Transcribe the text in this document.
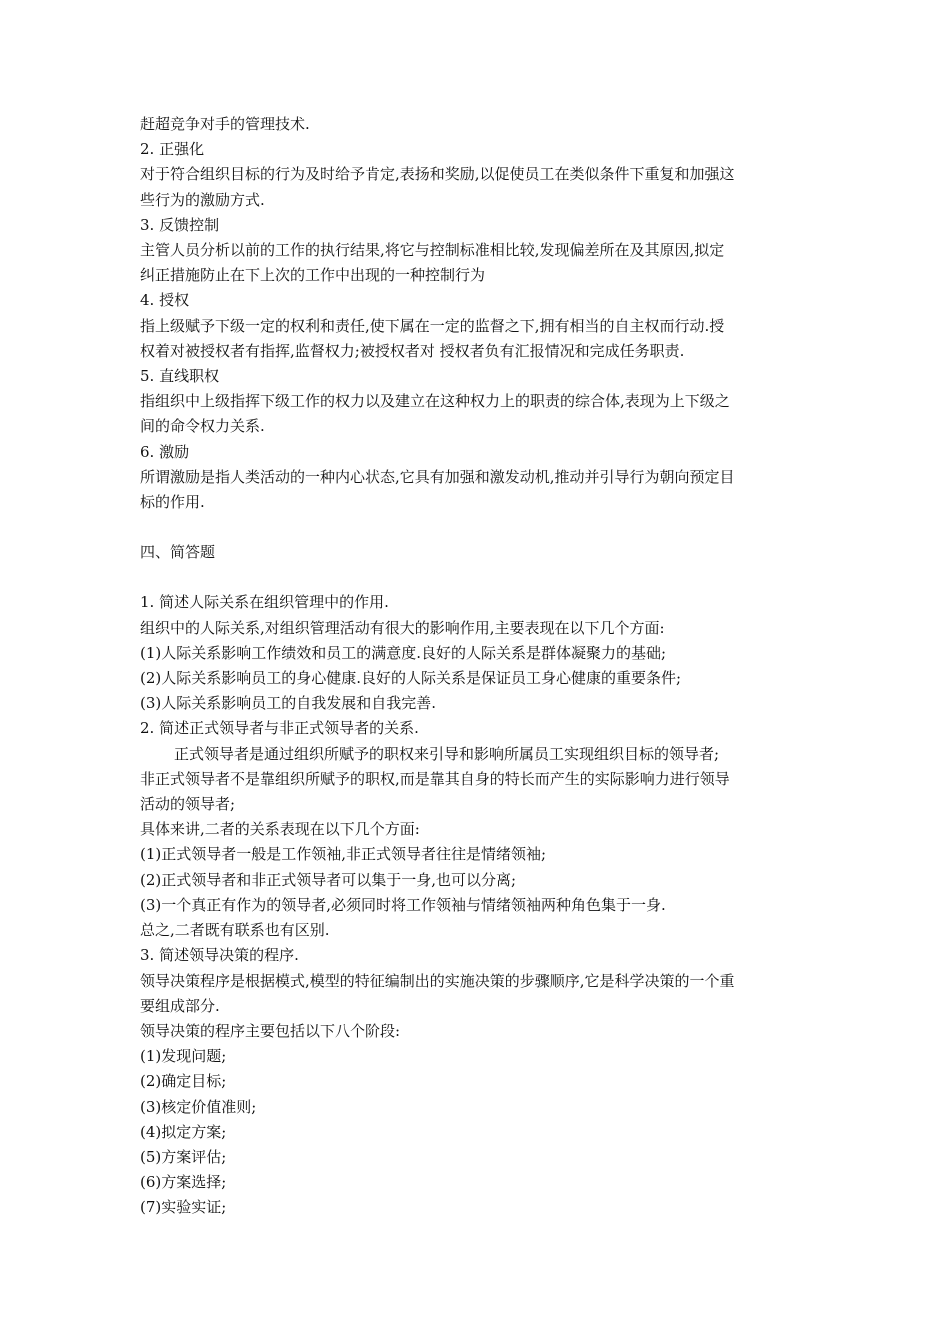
赶超竞争对手的管理技术.
2. 正强化
对于符合组织目标的行为及时给予肯定,表扬和奖励,以促使员工在类似条件下重复和加强这
些行为的激励方式.
3. 反馈控制
主管人员分析以前的工作的执行结果,将它与控制标准相比较,发现偏差所在及其原因,拟定
纠正措施防止在下上次的工作中出现的一种控制行为
4. 授权
指上级赋予下级一定的权利和责任,使下属在一定的监督之下,拥有相当的自主权而行动.授
权着对被授权者有指挥,监督权力;被授权者对 授权者负有汇报情况和完成任务职责.
5. 直线职权
指组织中上级指挥下级工作的权力以及建立在这种权力上的职责的综合体,表现为上下级之
间的命令权力关系.
6. 激励
所谓激励是指人类活动的一种内心状态,它具有加强和激发动机,推动并引导行为朝向预定目
标的作用.
四、简答题
1. 简述人际关系在组织管理中的作用.
组织中的人际关系,对组织管理活动有很大的影响作用,主要表现在以下几个方面:
(1)人际关系影响工作绩效和员工的满意度.良好的人际关系是群体凝聚力的基础;
(2)人际关系影响员工的身心健康.良好的人际关系是保证员工身心健康的重要条件;
(3)人际关系影响员工的自我发展和自我完善.
2. 简述正式领导者与非正式领导者的关系.
正式领导者是通过组织所赋予的职权来引导和影响所属员工实现组织目标的领导者;
非正式领导者不是靠组织所赋予的职权,而是靠其自身的特长而产生的实际影响力进行领导
活动的领导者;
具体来讲,二者的关系表现在以下几个方面:
(1)正式领导者一般是工作领袖,非正式领导者往往是情绪领袖;
(2)正式领导者和非正式领导者可以集于一身,也可以分离;
(3)一个真正有作为的领导者,必须同时将工作领袖与情绪领袖两种角色集于一身.
总之,二者既有联系也有区别.
3. 简述领导决策的程序.
领导决策程序是根据模式,模型的特征编制出的实施决策的步骤顺序,它是科学决策的一个重
要组成部分.
领导决策的程序主要包括以下八个阶段:
(1)发现问题;
(2)确定目标;
(3)核定价值准则;
(4)拟定方案;
(5)方案评估;
(6)方案选择;
(7)实验实证;
